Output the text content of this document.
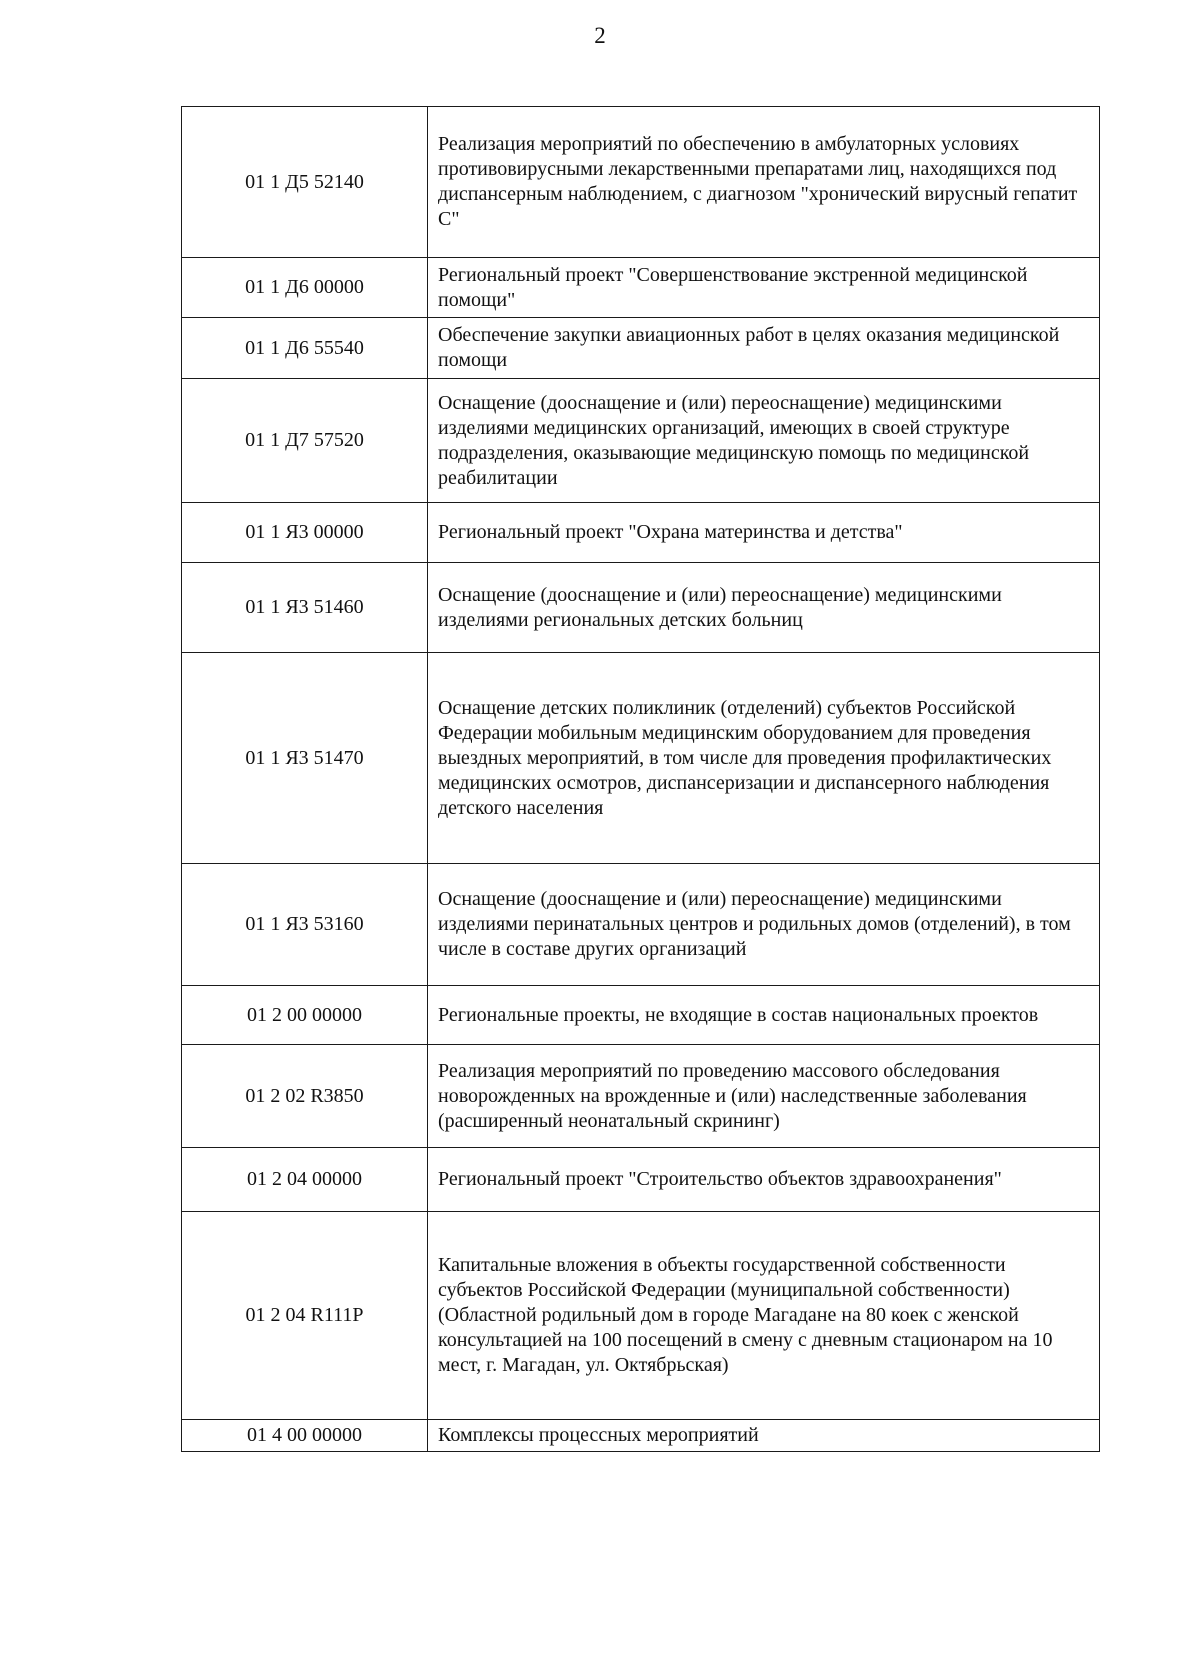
2
01 1 Д5 52140	Реализация мероприятий по обеспечению в амбулаторных условиях противовирусными лекарственными препаратами лиц, находящихся под диспансерным наблюдением, с диагнозом "хронический вирусный гепатит С"

01 1 Д6 00000	Региональный проект "Совершенствование экстренной медицинской помощи"

01 1 Д6 55540	Обеспечение закупки авиационных работ в целях оказания медицинской помощи

01 1 Д7 57520	Оснащение (дооснащение и (или) переоснащение) медицинскими изделиями медицинских организаций, имеющих в своей структуре подразделения, оказывающие медицинскую помощь по медицинской реабилитации

01 1 Я3 00000	Региональный проект "Охрана материнства и детства"

01 1 Я3 51460	Оснащение (дооснащение и (или) переоснащение) медицинскими изделиями региональных детских больниц

01 1 Я3 51470	Оснащение детских поликлиник (отделений) субъектов Российской Федерации мобильным медицинским оборудованием для проведения выездных мероприятий, в том числе для проведения профилактических медицинских осмотров, диспансеризации и диспансерного наблюдения детского населения

01 1 Я3 53160	Оснащение (дооснащение и (или) переоснащение) медицинскими изделиями перинатальных центров и родильных домов (отделений), в том числе в составе других организаций

01 2 00 00000	Региональные проекты, не входящие в состав национальных проектов

01 2 02 R3850	Реализация мероприятий по проведению массового обследования новорожденных на врожденные и (или) наследственные заболевания (расширенный неонатальный скрининг)

01 2 04 00000	Региональный проект "Строительство объектов здравоохранения"

01 2 04 R111P	Капитальные вложения в объекты государственной собственности субъектов Российской Федерации (муниципальной собственности) (Областной родильный дом в городе Магадане на 80 коек с женской консультацией на 100 посещений в смену с дневным стационаром на 10 мест, г. Магадан, ул. Октябрьская)

01 4 00 00000	Комплексы процессных мероприятий
